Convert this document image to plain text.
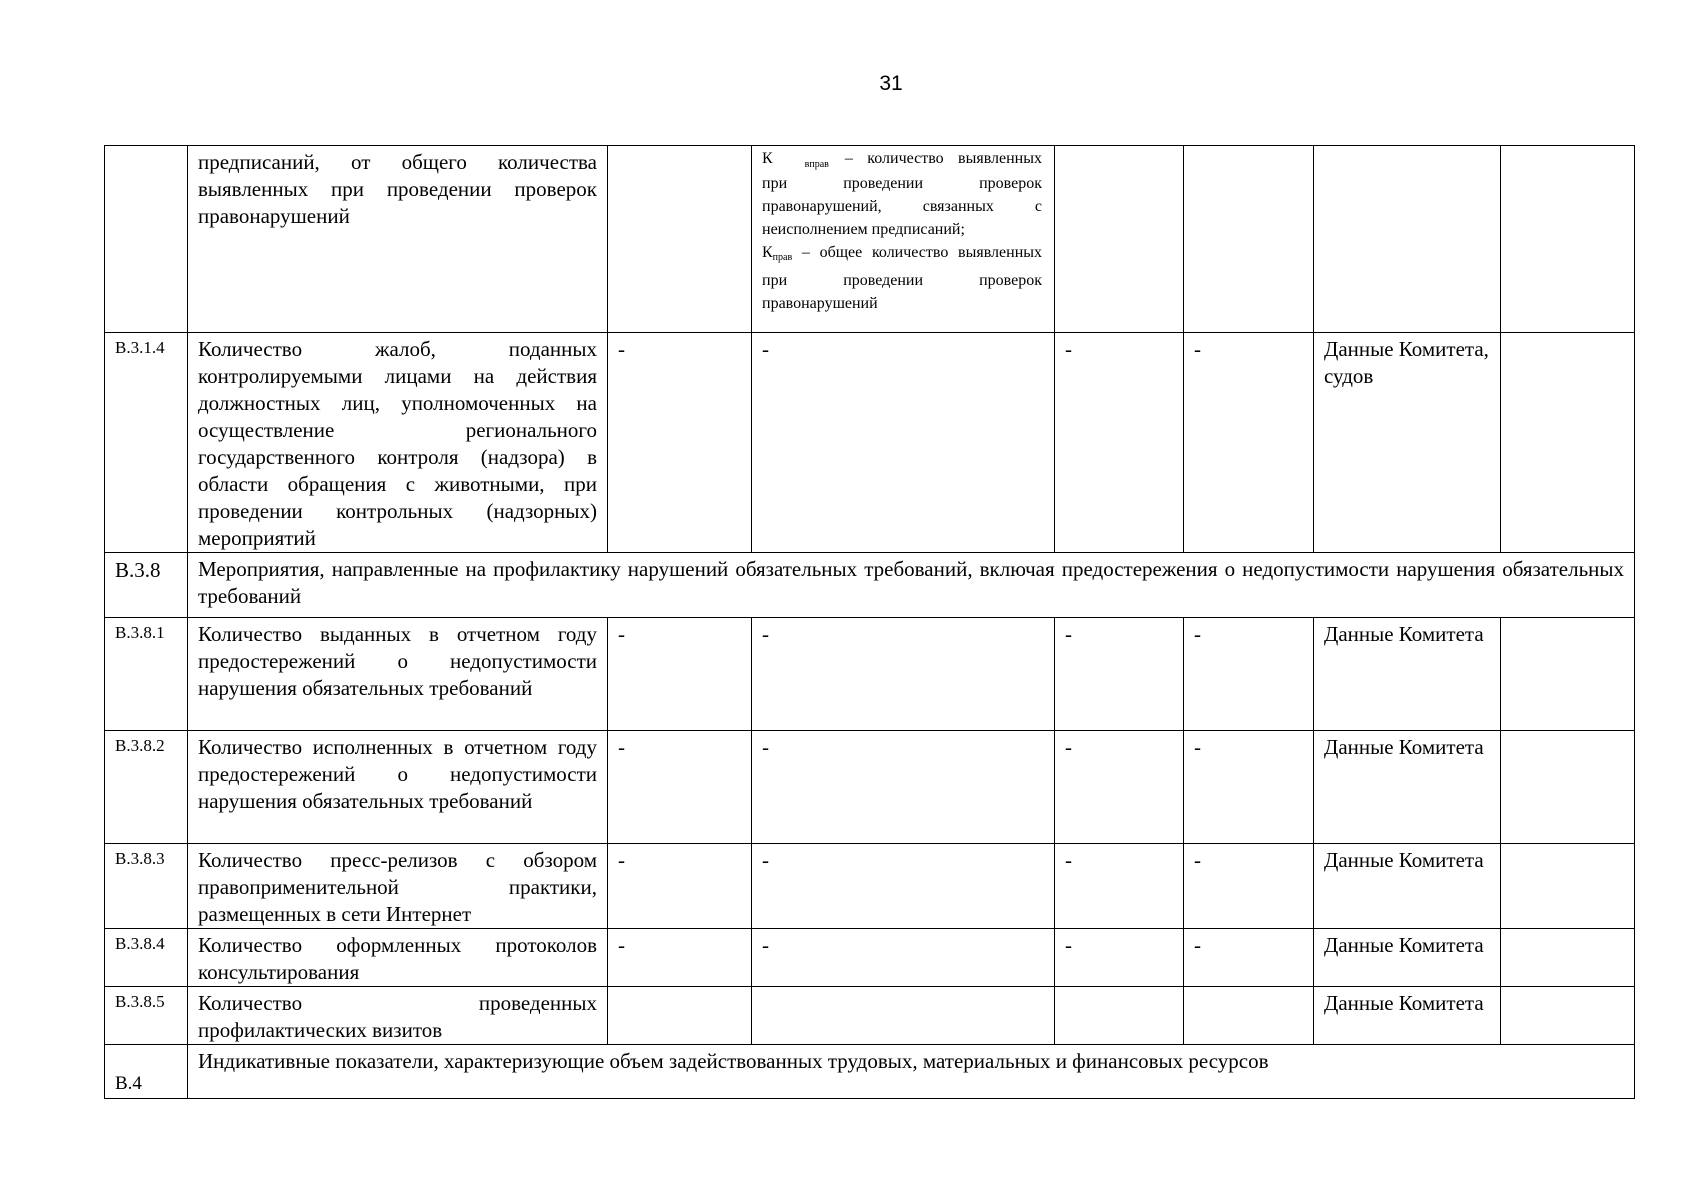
31
	предписаний, от общего количества выявленных при проведении проверок правонарушений		К $_{вправ}$ – количество выявленных при проведении проверок правонарушений, связанных с неисполнением предписаний;
$К_{прав}$ – общее количество выявленных при проведении проверок правонарушений				

В.3.1.4	Количество жалоб, поданных контролируемыми лицами на действия должностных лиц, уполномоченных на осуществление регионального государственного контроля (надзора) в области обращения с животными, при проведении контрольных (надзорных) мероприятий	-	-	-	-	Данные Комитета, судов	
В.3.8	Мероприятия, направленные на профилактику нарушений обязательных требований, включая предостережения о недопустимости нарушения обязательных требований						
В.3.8.1	Количество выданных в отчетном году предостережений о недопустимости нарушения обязательных требований	-	-	-	-	Данные Комитета	
В.3.8.2	Количество исполненных в отчетном году предостережений о недопустимости нарушения обязательных требований	-	-	-	-	Данные Комитета	
В.3.8.3	Количество пресс-релизов с обзором правоприменительной практики, размещенных в сети Интернет	-	-	-	-	Данные Комитета	
В.3.8.4	Количество оформленных протоколов консультирования	-	-	-	-	Данные Комитета	
В.3.8.5	Количество проведенных профилактических визитов					Данные Комитета	
В.4	Индикативные показатели, характеризующие объем задействованных трудовых, материальных и финансовых ресурсов						
